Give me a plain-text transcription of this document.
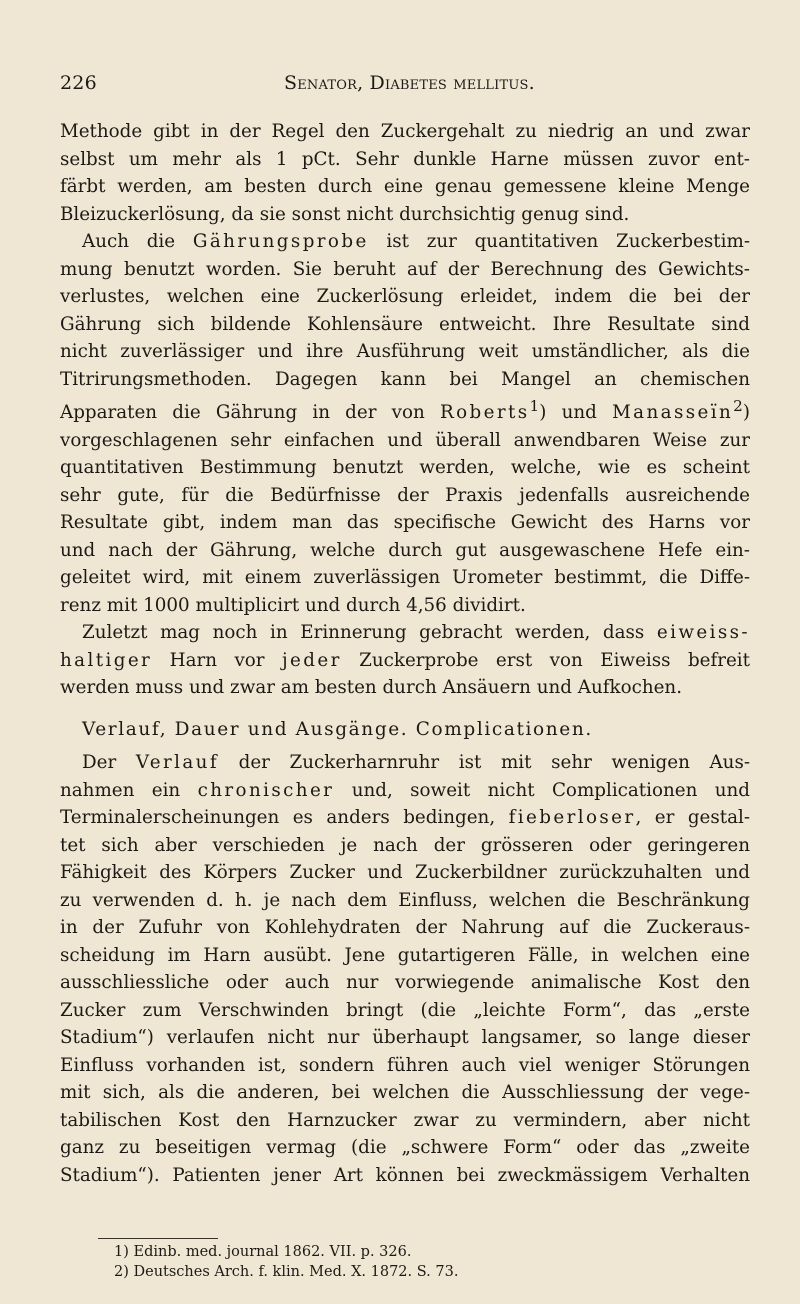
226	Senator, Diabetes mellitus.
Methode gibt in der Regel den Zuckergehalt zu niedrig an und zwar
selbst um mehr als 1 pCt. Sehr dunkle Harne müssen zuvor ent-
färbt werden, am besten durch eine genau gemessene kleine Menge
Bleizuckerlösung, da sie sonst nicht durchsichtig genug sind.
Auch die Gährungsprobe ist zur quantitativen Zuckerbestim-
mung benutzt worden. Sie beruht auf der Berechnung des Gewichts-
verlustes, welchen eine Zuckerlösung erleidet, indem die bei der
Gährung sich bildende Kohlensäure entweicht. Ihre Resultate sind
nicht zuverlässiger und ihre Ausführung weit umständlicher, als die
Titrirungsmethoden. Dagegen kann bei Mangel an chemischen
Apparaten die Gährung in der von Roberts$^1$) und Manasseïn$^2$)
vorgeschlagenen sehr einfachen und überall anwendbaren Weise zur
quantitativen Bestimmung benutzt werden, welche, wie es scheint
sehr gute, für die Bedürfnisse der Praxis jedenfalls ausreichende
Resultate gibt, indem man das specifische Gewicht des Harns vor
und nach der Gährung, welche durch gut ausgewaschene Hefe ein-
geleitet wird, mit einem zuverlässigen Urometer bestimmt, die Diffe-
renz mit 1000 multiplicirt und durch 4,56 dividirt.
Zuletzt mag noch in Erinnerung gebracht werden, dass eiweiss-
haltiger Harn vor jeder Zuckerprobe erst von Eiweiss befreit
werden muss und zwar am besten durch Ansäuern und Aufkochen.
Verlauf, Dauer und Ausgänge. Complicationen.
Der Verlauf der Zuckerharnruhr ist mit sehr wenigen Aus-
nahmen ein chronischer und, soweit nicht Complicationen und
Terminalerscheinungen es anders bedingen, fieberloser, er gestal-
tet sich aber verschieden je nach der grösseren oder geringeren
Fähigkeit des Körpers Zucker und Zuckerbildner zurückzuhalten und
zu verwenden d. h. je nach dem Einfluss, welchen die Beschränkung
in der Zufuhr von Kohlehydraten der Nahrung auf die Zuckeraus-
scheidung im Harn ausübt. Jene gutartigeren Fälle, in welchen eine
ausschliessliche oder auch nur vorwiegende animalische Kost den
Zucker zum Verschwinden bringt (die „leichte Form“, das „erste
Stadium“) verlaufen nicht nur überhaupt langsamer, so lange dieser
Einfluss vorhanden ist, sondern führen auch viel weniger Störungen
mit sich, als die anderen, bei welchen die Ausschliessung der vege-
tabilischen Kost den Harnzucker zwar zu vermindern, aber nicht
ganz zu beseitigen vermag (die „schwere Form“ oder das „zweite
Stadium“). Patienten jener Art können bei zweckmässigem Verhalten
1) Edinb. med. journal 1862. VII. p. 326.
2) Deutsches Arch. f. klin. Med. X. 1872. S. 73.
